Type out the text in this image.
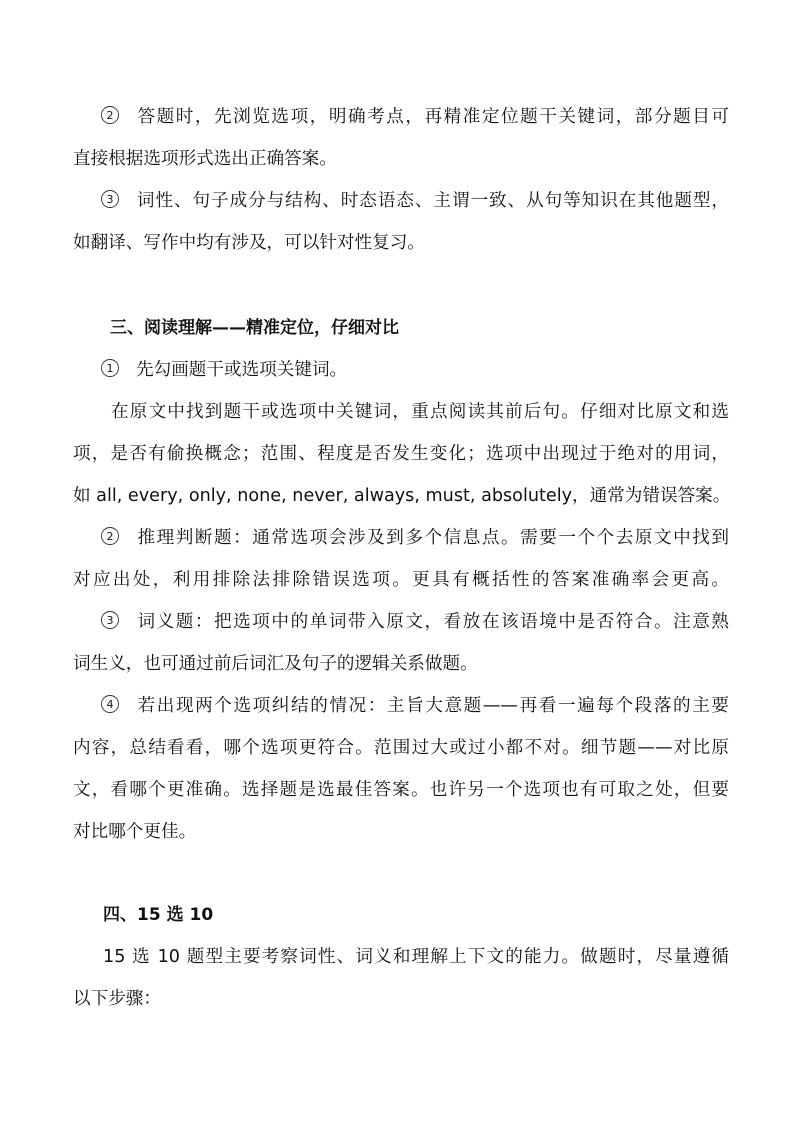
2 答题时，先浏览选项，明确考点，再精准定位题干关键词，部分题目可
直接根据选项形式选出正确答案。
3 词性、句子成分与结构、时态语态、主谓一致、从句等知识在其他题型，
如翻译、写作中均有涉及，可以针对性复习。
三、阅读理解——精准定位，仔细对比
1 先勾画题干或选项关键词。
在原文中找到题干或选项中关键词，重点阅读其前后句。仔细对比原文和选
项，是否有偷换概念；范围、程度是否发生变化；选项中出现过于绝对的用词，
如 all, every, only, none, never, always, must, absolutely，通常为错误答案。
2 推理判断题：通常选项会涉及到多个信息点。需要一个个去原文中找到
对应出处，利用排除法排除错误选项。更具有概括性的答案准确率会更高。
3 词义题：把选项中的单词带入原文，看放在该语境中是否符合。注意熟
词生义，也可通过前后词汇及句子的逻辑关系做题。
4 若出现两个选项纠结的情况：主旨大意题——再看一遍每个段落的主要
内容，总结看看，哪个选项更符合。范围过大或过小都不对。细节题——对比原
文，看哪个更准确。选择题是选最佳答案。也许另一个选项也有可取之处，但要
对比哪个更佳。
四、15 选 10
15 选 10 题型主要考察词性、词义和理解上下文的能力。做题时，尽量遵循
以下步骤：
